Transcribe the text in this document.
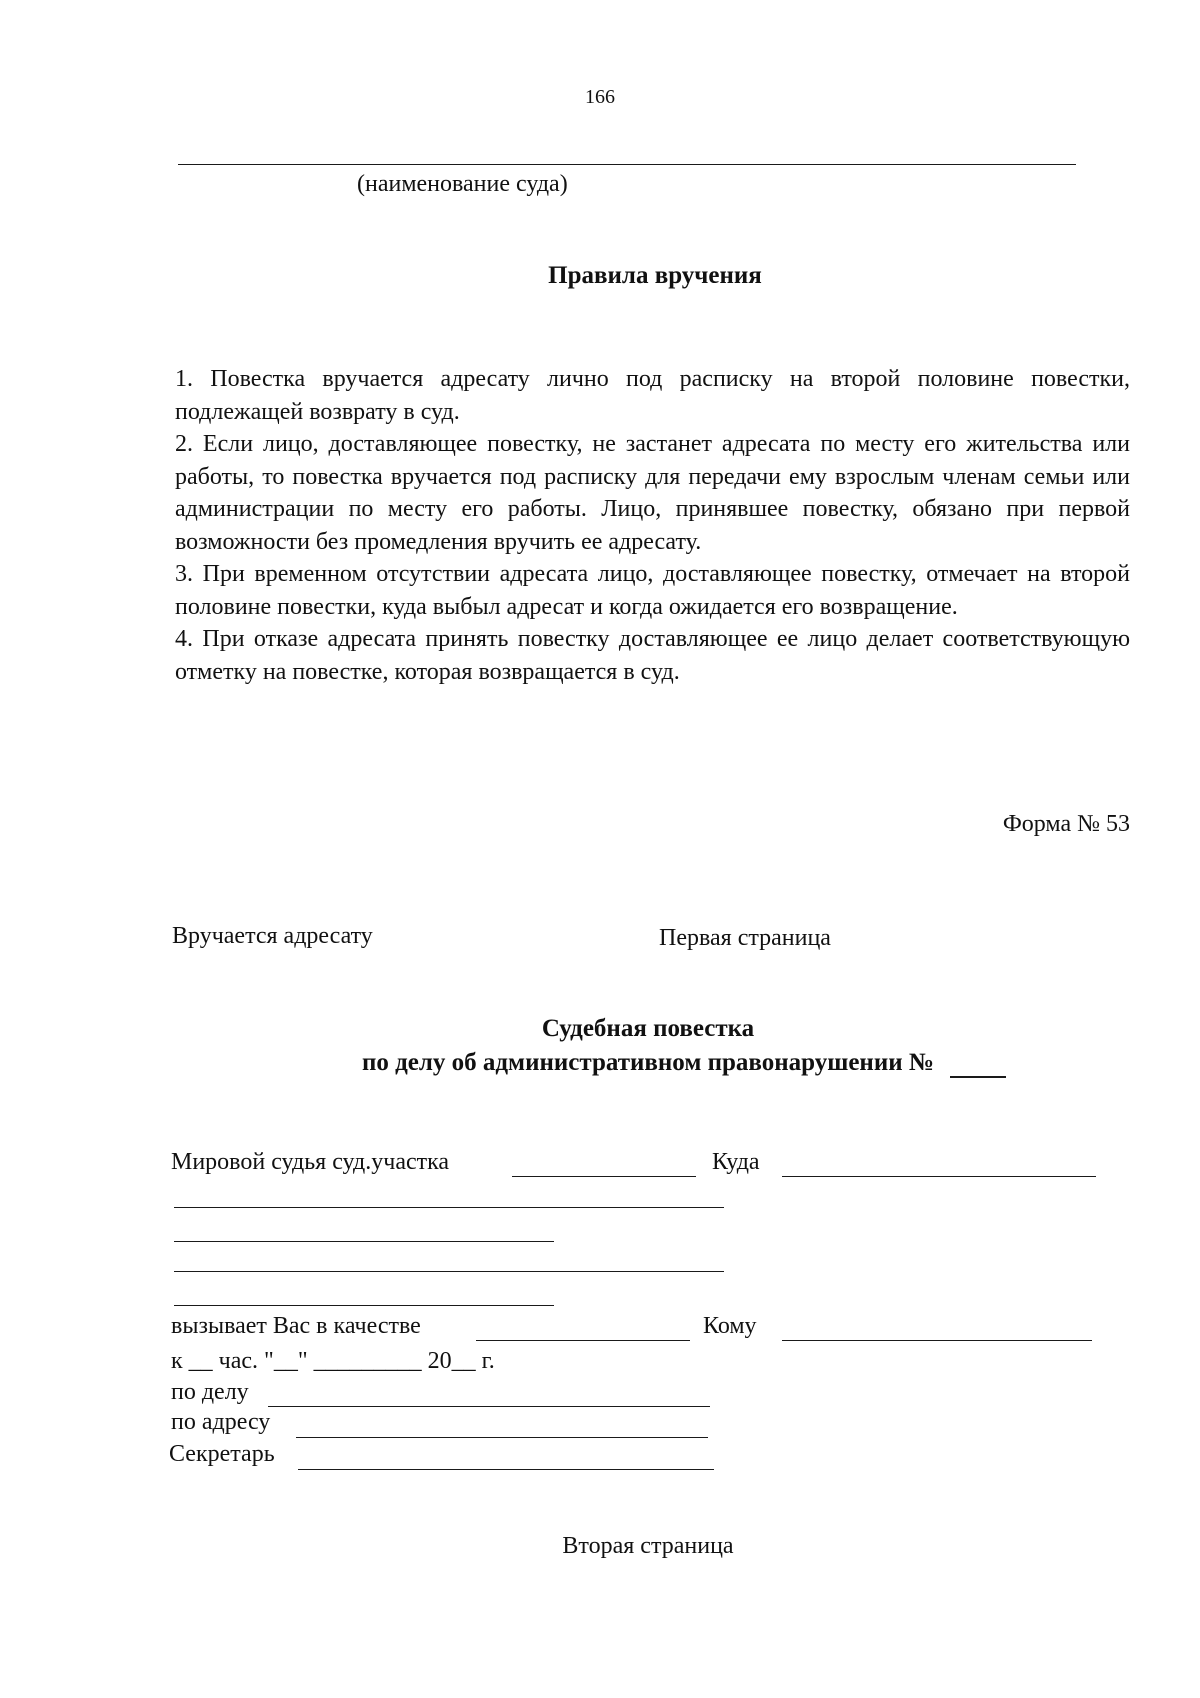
166
(наименование суда)
Правила вручения

1. Повестка вручается адресату лично под расписку на второй половине повестки, подлежащей возврату в суд.

2. Если лицо, доставляющее повестку, не застанет адресата по месту его жительства или работы, то повестка вручается под расписку для передачи ему взрослым членам семьи или администрации по месту его работы. Лицо, принявшее повестку, обязано при первой возможности без промедления вручить ее адресату.

3. При временном отсутствии адресата лицо, доставляющее повестку, отмечает на второй половине повестки, куда выбыл адресат и когда ожидается его возвращение.

4. При отказе адресата принять повестку доставляющее ее лицо делает соответствующую отметку на повестке, которая возвращается в суд.

Форма № 53
Вручается адресату	Первая страница
Судебная повестка
по делу об административном правонарушении №
Мировой судья суд.участка	Куда
вызывает Вас в качестве	Кому
к __ час. "__" _________ 20__ г.
по делу
по адресу
Секретарь
Вторая страница
